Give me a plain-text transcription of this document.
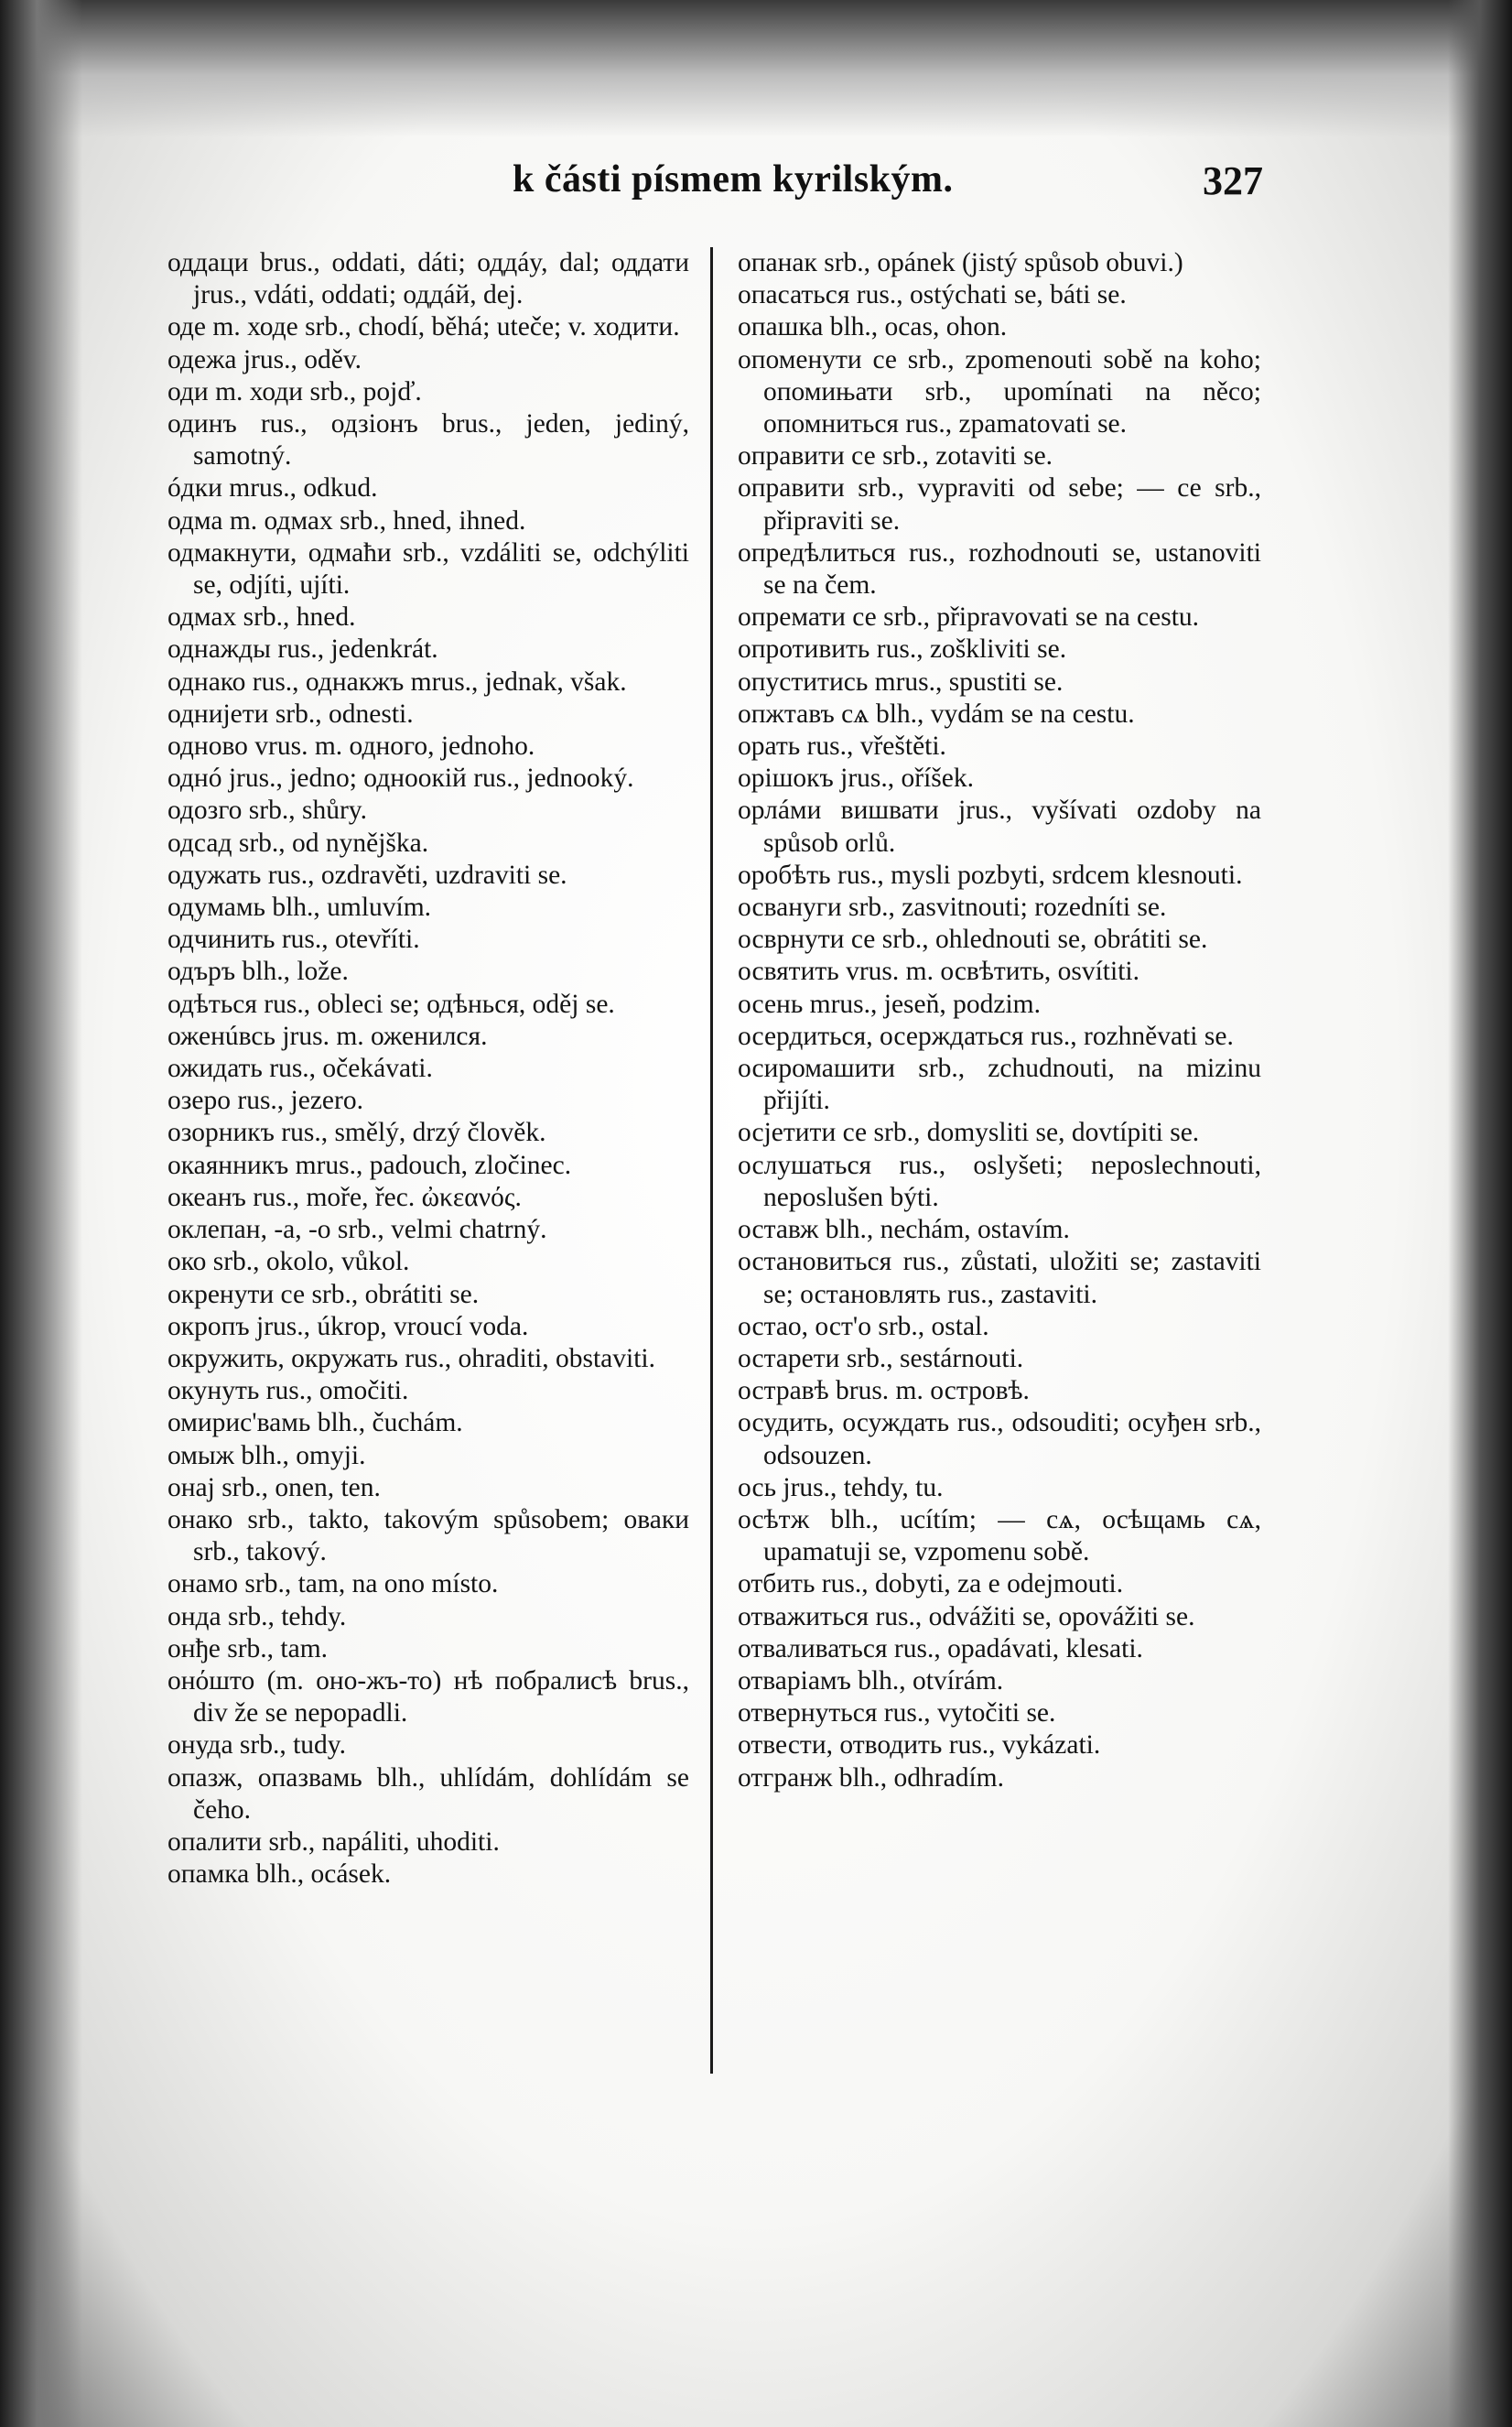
k části písmem kyrilským.	327
оддаци brus., oddati, dáti; оддáy, dal; оддати jrus., vdáti, oddati; оддáй, dej.
оде m. ходе srb., chodí, běhá; uteče; v. ходити.
одежа jrus., oděv.
оди m. ходи srb., pojď.
одинъ rus., одзiонъ brus., jeden, jediný, samotný.
óдки mrus., odkud.
одма m. одмах srb., hned, ihned.
одмакнути, одмаћи srb., vzdáliti se, odchýliti se, odjíti, ujíti.
одмах srb., hned.
однажды rus., jedenkrát.
однако rus., однакжъ mrus., jednak, však.
однијети srb., odnesti.
одново vrus. m. одного, jednoho.
однó jrus., jedno; одноокiй rus., jednooký.
одозго srb., shůry.
одсад srb., od nynějška.
одужать rus., ozdravěti, uzdraviti se.
одумамь blh., umluvím.
одчинить rus., otevříti.
одъръ blh., lože.
одѣться rus., obleci se; одѣнься, oděj se.
оженúвсь jrus. m. оженился.
ожидать rus., očekávati.
озеро rus., jezero.
озорникъ rus., smělý, drzý člověk.
окаянникъ mrus., padouch, zločinec.
океанъ rus., moře, řec. ὠκεανός.
оклепан, -а, -о srb., velmi chatrný.
око srb., okolo, vůkol.
окренути се srb., obrátiti se.
окропъ jrus., úkrop, vroucí voda.
окружить, окружать rus., ohraditi, obstaviti.
окунуть rus., omočiti.
омирис'вамь blh., čuchám.
омыж blh., omyji.
онај srb., onen, ten.
онако srb., takto, takovým spůsobem; оваки srb., takový.
онамо srb., tam, na ono místo.
онда srb., tehdy.
онђе srb., tam.
онόшто (m. оно-жъ-то) нѣ побралисѣ brus., div že se nepopadli.
онуда srb., tudy.
опазж, опазвамь blh., uhlídám, dohlídám se čeho.
опалити srb., napáliti, uhoditi.
опамка blh., ocásek.
опанак srb., opánek (jistý spůsob obuvi.)
опасаться rus., ostýchati se, báti se.
опашка blh., ocas, ohon.
опоменути се srb., zpomenouti sobě na koho; опомињати srb., upomínati na něco; опомниться rus., zpamatovati se.
оправити се srb., zotaviti se.
оправити srb., vypraviti od sebe; — се srb., připraviti se.
опредѣлиться rus., rozhodnouti se, ustanoviti se na čem.
опремати се srb., připravovati se na cestu.
опротивить rus., zoškliviti se.
опуститись mrus., spustiti se.
опжтавъ сѧ blh., vydám se na cestu.
орать rus., vřeštěti.
орiшокъ jrus., oříšek.
орлáми вишвати jrus., vyšívati ozdoby na spůsob orlů.
оробѣть rus., mysli pozbyti, srdcem klesnouti.
освануги srb., zasvitnouti; rozedníti se.
осврнути се srb., ohlednouti se, obrátiti se.
освятить vrus. m. освѣтить, osvítiti.
осень mrus., jeseň, podzim.
осердиться, осерждаться rus., rozhněvati se.
осиромашити srb., zchudnouti, na mizinu přijíti.
осјетити се srb., domysliti se, dovtípiti se.
ослушаться rus., oslyšeti; neposlechnouti, neposlušen býti.
оставж blh., nechám, ostavím.
остановиться rus., zůstati, uložiti se; zastaviti se; останoвлять rus., zastaviti.
остао, ост'о srb., ostal.
остарети srb., sestárnouti.
остравѣ brus. m. островѣ.
осудить, осуждать rus., odsouditi; осуђен srb., odsouzen.
ось jrus., tehdy, tu.
осѣтж blh., ucítím; — сѧ, осѣщамь сѧ, upamatuji se, vzpomenu sobě.
отбить rus., dobyti, za e odejmouti.
отважиться rus., odvážiti se, opovážiti se.
отваливаться rus., opadávati, klesati.
отварiамъ blh., otvírám.
отвернуться rus., vytočiti se.
отвести, отводить rus., vykázati.
отгранж blh., odhradím.
